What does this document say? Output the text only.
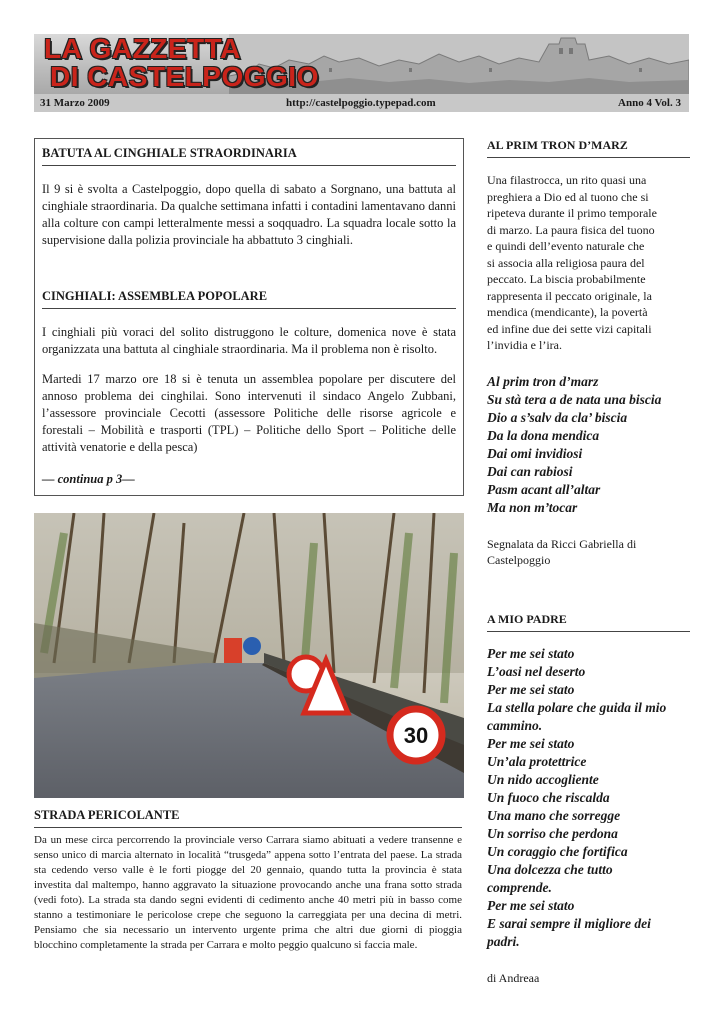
LA GAZZETTA
DI CASTELPOGGIO
31 Marzo 2009	http://castelpoggio.typepad.com	Anno 4 Vol. 3
BATUTA AL CINGHIALE STRAORDINARIA

Il 9 si è svolta a Castelpoggio, dopo quella di sabato a Sorgnano, una battuta al cinghiale straordinaria. Da qualche settimana infatti i contadini lamentavano danni alla colture con campi letteralmente messi a soqquadro. La squadra locale sotto la supervisione dalla polizia provinciale ha abbattuto 3 cinghiali.

CINGHIALI: ASSEMBLEA POPOLARE

I cinghiali più voraci del solito distruggono le colture, domenica nove è stata organizzata una battuta al cinghiale straordinaria. Ma il problema non è risolto.

Martedi 17 marzo ore 18 si è tenuta un assemblea popolare per discutere del annoso problema dei cinghilai. Sono intervenuti il sindaco Angelo Zubbani, l’assessore provinciale Cecotti (assessore Politiche delle risorse agricole e forestali – Mobilità e trasporti (TPL) – Politiche dello Sport – Politiche delle attività venatorie e della pesca)

— continua p 3—

30
STRADA PERICOLANTE

Da un mese circa percorrendo la provinciale verso Carrara siamo abituati a vedere transenne e senso unico di marcia alternato in località “trusgeda” appena sotto l’entrata del paese. La strada sta cedendo verso valle è le forti piogge del 20 gennaio, quando tutta la provincia è stata investita dal maltempo, hanno aggravato la situazione provocando anche una frana sotto strada (vedi foto). La strada sta dando segni evidenti di cedimento anche 40 metri più in basso come stanno a testimoniare le pericolose crepe che seguono la carreggiata per una decina di metri. Pensiamo che sia necessario un intervento urgente prima che altri due giorni di pioggia blocchino completamente la strada per Carrara e molto peggio qualcuno si faccia male.

AL PRIM TRON D’MARZ
Una filastrocca, un rito quasi una
preghiera a Dio ed al tuono che si
ripeteva durante il primo temporale
di marzo. La paura fisica del tuono
e quindi dell’evento naturale che
si associa alla religiosa paura del
peccato. La biscia probabilmente
rappresenta il peccato originale, la
mendica (mendicante), la povertà
ed infine due dei sette vizi capitali
l’invidia e l’ira.
Al prim tron d’marz
Su stà tera a de nata una biscia
Dio a s’salv da cla’ biscia
Da la dona mendica
Dai omi invidiosi
Dai can rabiosi
Pasm acant all’altar
Ma non m’tocar
Segnalata da Ricci Gabriella di
Castelpoggio
A MIO PADRE
Per me sei stato
L’oasi nel deserto
Per me sei stato
La stella polare che guida il mio
cammino.
Per me sei stato
Un’ala protettrice
Un nido accogliente
Un fuoco che riscalda
Una mano che sorregge
Un sorriso che perdona
Un coraggio che fortifica
Una dolcezza che tutto
comprende.
Per me sei stato
E sarai sempre il migliore dei
padri.
di Andreaa
